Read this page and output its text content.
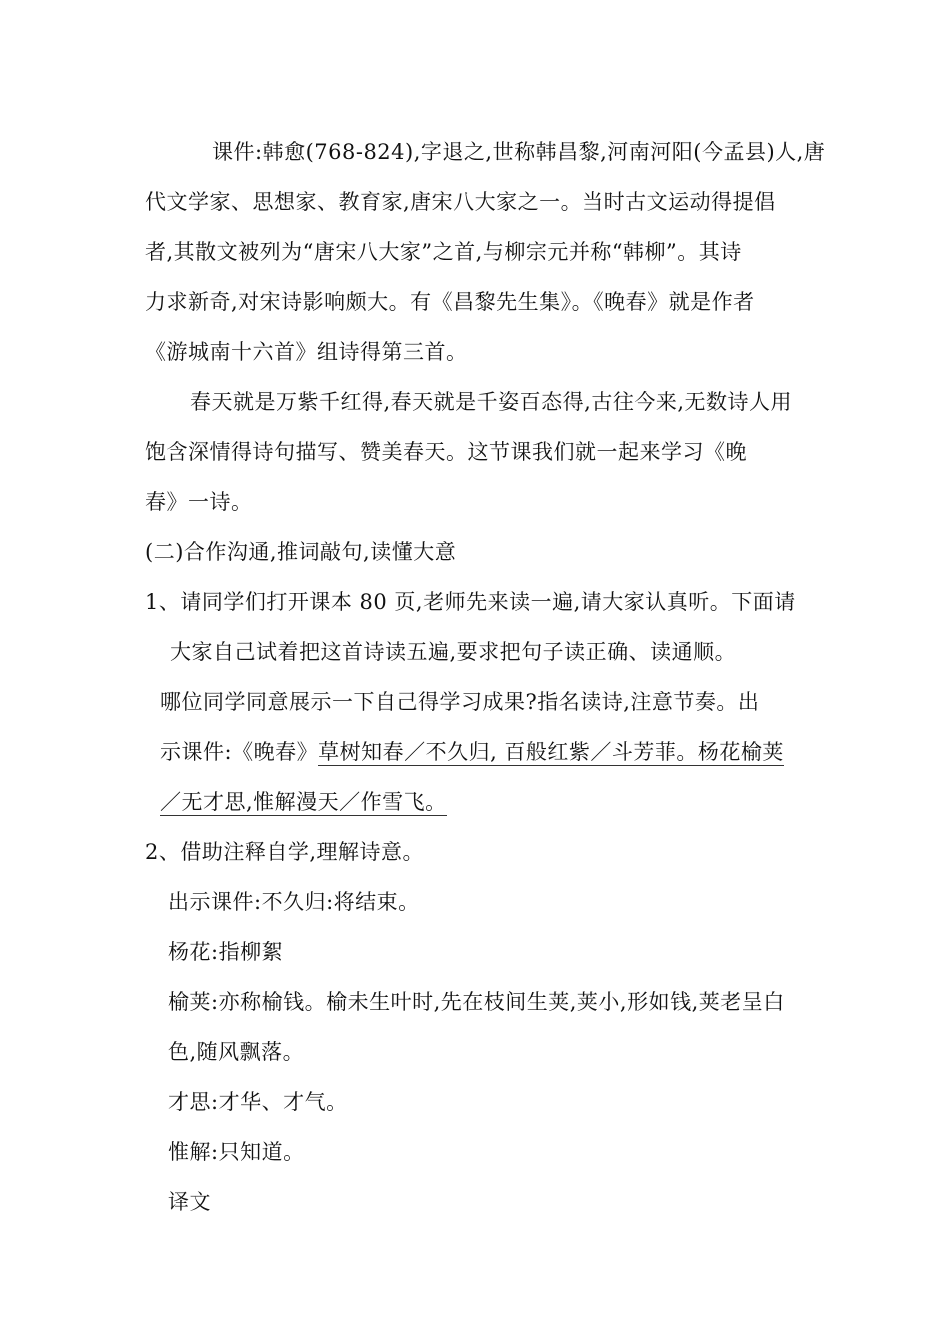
课件:韩愈(768-824),字退之,世称韩昌黎,河南河阳(今孟县)人,唐
代文学家、思想家、教育家,唐宋八大家之一。当时古文运动得提倡
者,其散文被列为“唐宋八大家”之首,与柳宗元并称“韩柳”。其诗
力求新奇,对宋诗影响颇大。有《昌黎先生集》。《晚春》就是作者
《游城南十六首》组诗得第三首。
春天就是万紫千红得,春天就是千姿百态得,古往今来,无数诗人用
饱含深情得诗句描写、赞美春天。这节课我们就一起来学习《晚
春》一诗。
(二)合作沟通,推词敲句,读懂大意
1、请同学们打开课本 80 页,老师先来读一遍,请大家认真听。下面请
大家自己试着把这首诗读五遍,要求把句子读正确、读通顺。
哪位同学同意展示一下自己得学习成果?指名读诗,注意节奏。出
示课件:《晚春》草树知春／不久归, 百般红紫／斗芳菲。杨花榆荚
／无才思,惟解漫天／作雪飞。
2、借助注释自学,理解诗意。
出示课件:不久归:将结束。
杨花:指柳絮
榆荚:亦称榆钱。榆未生叶时,先在枝间生荚,荚小,形如钱,荚老呈白
色,随风飘落。
才思:才华、才气。
惟解:只知道。
译文
